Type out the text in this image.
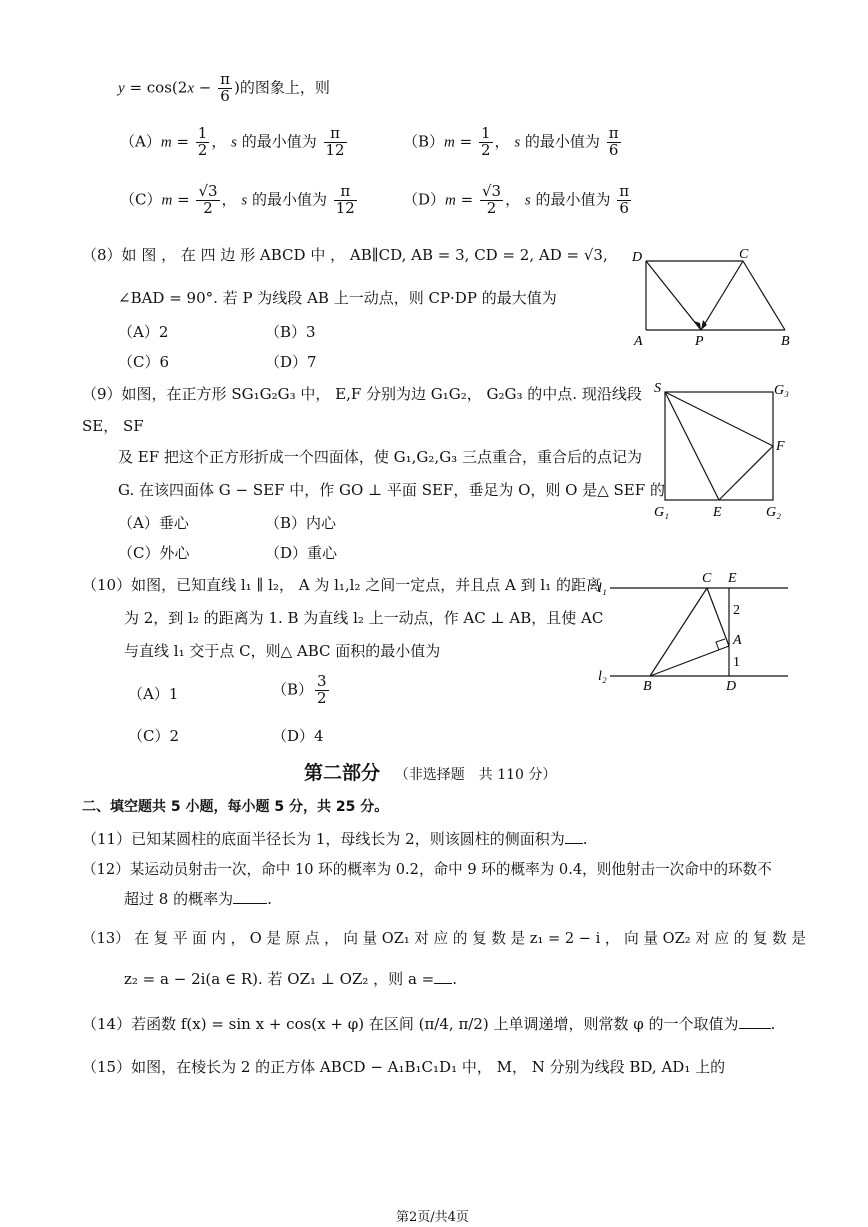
$y = \cos(2x - \frac{\pi}{6}$ )的图象上，则
$(A)m = \frac{1}{2}$ ， s 的最小值为 $\frac{\pi}{12}$	$(B)m = \frac{1}{2}$ ， s 的最小值为 $\frac{\pi}{6}$
$(C)m = \frac{√3}{2}$ ， s 的最小值为 $\frac{\pi}{12}$	$(D)m = \frac{√3}{2}$ ， s 的最小值为 $\frac{\pi}{6}$
（8）如 图 ， 在 四 边 形 ABCD 中 ， AB∥CD, AB = 3, CD = 2, AD = √3,
∠BAD = 90°. 若 P 为线段 AB 上一动点，则 CP·DP 的最大值为
（A）2	（B）3
（C）6	（D）7
D	C
A	P	B
（9）如图，在正方形 SG₁G₂G₃ 中， E,F 分别为边 G₁G₂， G₂G₃ 的中点. 现沿线段
SE， SF
及 EF 把这个正方形折成一个四面体，使 G₁,G₂,G₃ 三点重合，重合后的点记为
G. 在该四面体 G − SEF 中，作 GO ⊥ 平面 SEF，垂足为 O，则 O 是△ SEF 的
（A）垂心	（B）内心
（C）外心	（D）重心
S	G₃
F
G₁	E	G₂
（10）如图，已知直线 l₁ ∥ l₂， A 为 l₁,l₂ 之间一定点，并且点 A 到 l₁ 的距离
为 2，到 l₂ 的距离为 1. B 为直线 l₂ 上一动点，作 AC ⊥ AB，且使 AC
与直线 l₁ 交于点 C，则△ ABC 面积的最小值为
（A）1	$(B) \frac{3}{2}$
（C）2	（D）4
l₁
l₂
C E
A
B	D
2
1
第二部分 （非选择题　共 110 分）
二、填空题共 5 小题，每小题 5 分，共 25 分。
（11）已知某圆柱的底面半径长为 1，母线长为 2，则该圆柱的侧面积为 .
（12）某运动员射击一次，命中 10 环的概率为 0.2，命中 9 环的概率为 0.4，则他射击一次命中的环数不
超过 8 的概率为 .
（13） 在 复 平 面 内 ， O 是 原 点 ， 向 量 OZ₁ 对 应 的 复 数 是 z₁ = 2 − i ， 向 量 OZ₂ 对 应 的 复 数 是
z₂ = a − 2i(a ∈ R). 若 OZ₁ ⊥ OZ₂ ，则 a = .
（14）若函数 f(x) = sin x + cos(x + φ) 在区间 (π/4, π/2) 上单调递增，则常数 φ 的一个取值为 .
（15）如图，在棱长为 2 的正方体 ABCD − A₁B₁C₁D₁ 中， M， N 分别为线段 BD, AD₁ 上的
第2页/共4页
